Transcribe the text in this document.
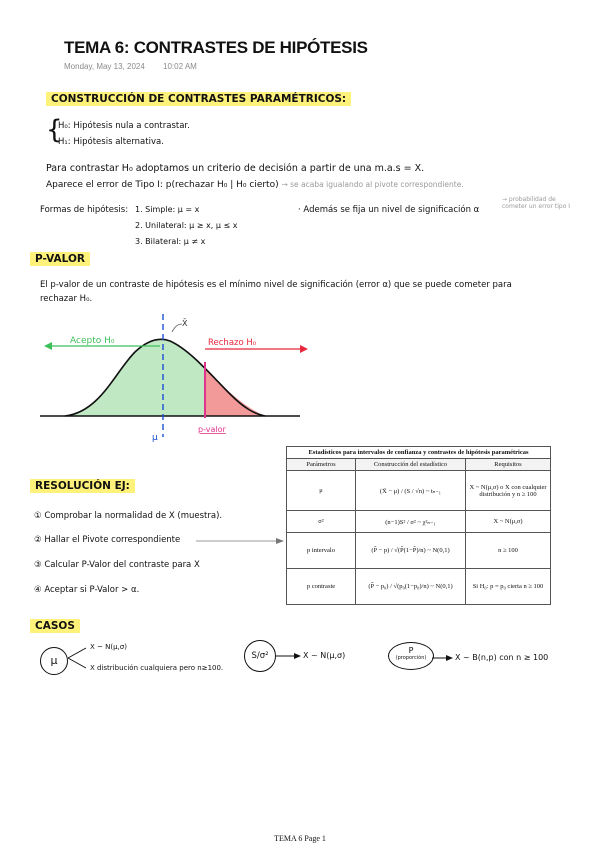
TEMA 6: CONTRASTES DE HIPÓTESIS
Monday, May 13, 2024 10:02 AM
CONSTRUCCIÓN DE CONTRASTES PARAMÉTRICOS:
{
H₀: Hipótesis nula a contrastar.
H₁: Hipótesis alternativa.
Para contrastar H₀ adoptamos un criterio de decisión a partir de una m.a.s = X.
Aparece el error de Tipo I: p(rechazar H₀ | H₀ cierto) → se acaba igualando al pivote correspondiente.
Formas de hipótesis: 1. Simple: μ = x
2. Unilateral: μ ≥ x, μ ≤ x
3. Bilateral: μ ≠ x
· Además se fija un nivel de significación α
→ probabilidad de cometer un error tipo I
P-VALOR
El p-valor de un contraste de hipótesis es el mínimo nivel de significación (error α) que se puede cometer para rechazar H₀.
X̄
Acepto H₀	Rechazo H₀
μ
p-valor
Estadísticos para intervalos de confianza y contrastes de hipótesis paramétricas
Parámetros	Construcción del estadístico	Requisitos
μ	(X̄ − μ) / (S / √n) ~ tₙ₋₁	X ~ N(μ,σ) o X con cualquier distribución y n ≥ 100
σ²	(n−1)S² / σ² ~ χ²ₙ₋₁	X ~ N(μ,σ)
p intervalo	(P̂ − p) / √(P̂(1−P̂)/n) ~ N(0,1)	n ≥ 100
p contraste	(P̂ − p₀) / √(p₀(1−p₀)/n) ~ N(0,1)	Si H₀: p = p₀ cierta n ≥ 100
RESOLUCIÓN EJ:
① Comprobar la normalidad de X (muestra).
② Hallar el Pivote correspondiente
③ Calcular P-Valor del contraste para X
④ Aceptar si P-Valor > α.
CASOS
μ
X ~ N(μ,σ)
X distribución cualquiera pero n≥100.
S/σ²	X ~ N(μ,σ)
P
(proporción)	X ~ B(n,p) con n ≥ 100
TEMA 6 Page 1
